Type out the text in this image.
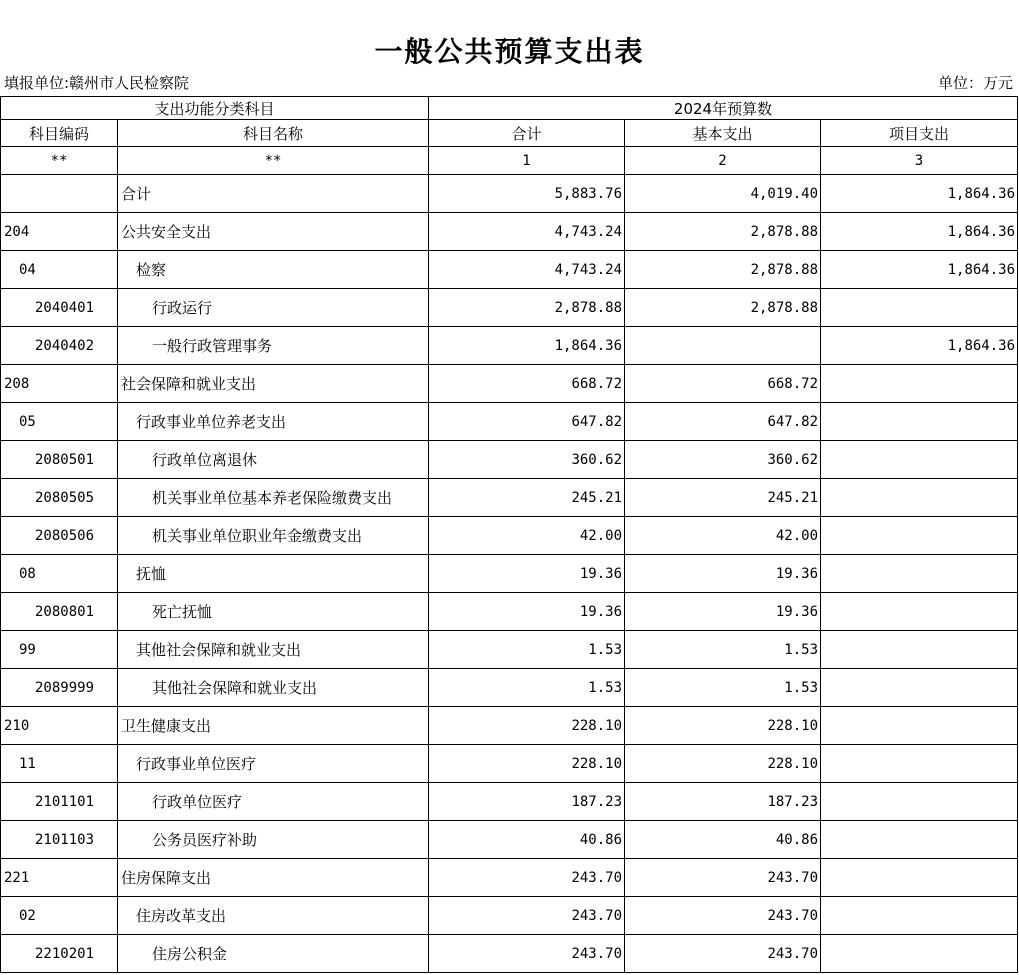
一般公共预算支出表
填报单位:赣州市人民检察院	单位：万元
支出功能分类科目		2024年预算数		
科目编码	科目名称	合计	基本支出	项目支出
**	**	1	2	3
	合计	5,883.76	4,019.40	1,864.36
204	公共安全支出	4,743.24	2,878.88	1,864.36
04	检察	4,743.24	2,878.88	1,864.36
2040401	行政运行	2,878.88	2,878.88	
2040402	一般行政管理事务	1,864.36		1,864.36
208	社会保障和就业支出	668.72	668.72	
05	行政事业单位养老支出	647.82	647.82	
2080501	行政单位离退休	360.62	360.62	
2080505	机关事业单位基本养老保险缴费支出	245.21	245.21	
2080506	机关事业单位职业年金缴费支出	42.00	42.00	
08	抚恤	19.36	19.36	
2080801	死亡抚恤	19.36	19.36	
99	其他社会保障和就业支出	1.53	1.53	
2089999	其他社会保障和就业支出	1.53	1.53	
210	卫生健康支出	228.10	228.10	
11	行政事业单位医疗	228.10	228.10	
2101101	行政单位医疗	187.23	187.23	
2101103	公务员医疗补助	40.86	40.86	
221	住房保障支出	243.70	243.70	
02	住房改革支出	243.70	243.70	
2210201	住房公积金	243.70	243.70	
